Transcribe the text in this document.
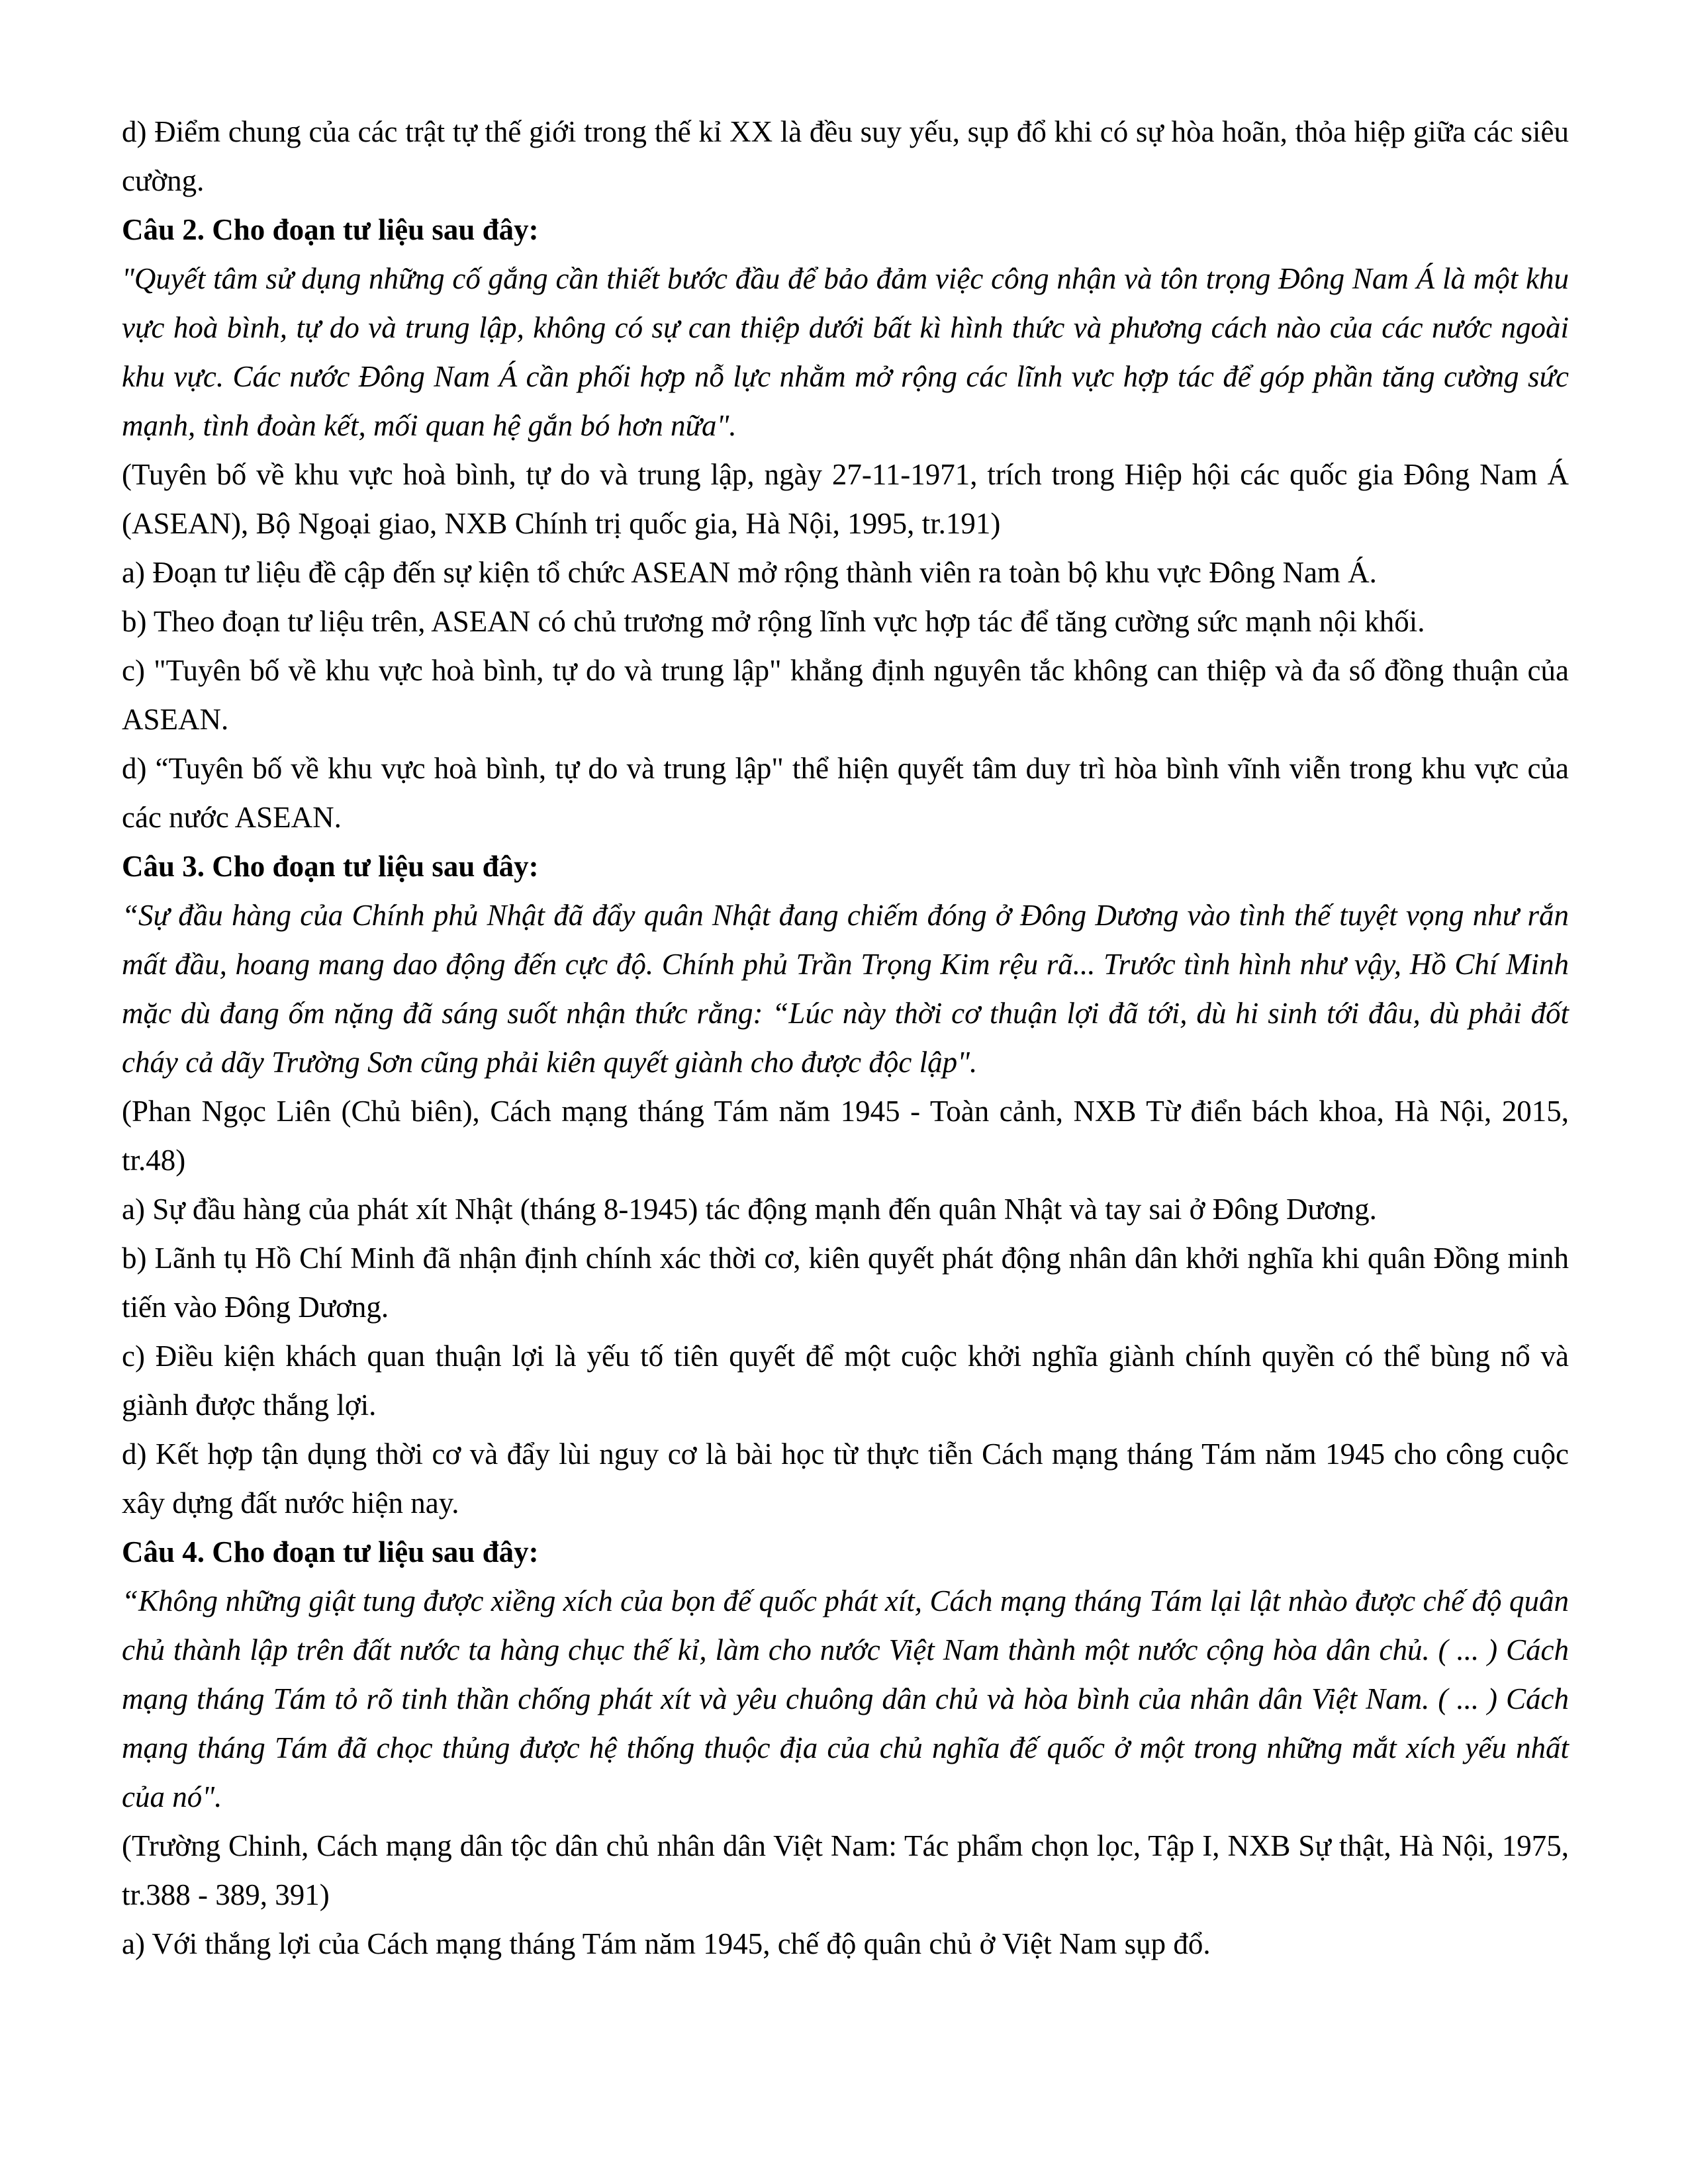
d) Điểm chung của các trật tự thế giới trong thế kỉ XX là đều suy yếu, sụp đổ khi có sự hòa hoãn, thỏa hiệp giữa các siêu cường.

Câu 2. Cho đoạn tư liệu sau đây:

"Quyết tâm sử dụng những cố gắng cần thiết bước đầu để bảo đảm việc công nhận và tôn trọng Đông Nam Á là một khu vực hoà bình, tự do và trung lập, không có sự can thiệp dưới bất kì hình thức và phương cách nào của các nước ngoài khu vực. Các nước Đông Nam Á cần phối hợp nỗ lực nhằm mở rộng các lĩnh vực hợp tác để góp phần tăng cường sức mạnh, tình đoàn kết, mối quan hệ gắn bó hơn nữa".

(Tuyên bố về khu vực hoà bình, tự do và trung lập, ngày 27-11-1971, trích trong Hiệp hội các quốc gia Đông Nam Á (ASEAN), Bộ Ngoại giao, NXB Chính trị quốc gia, Hà Nội, 1995, tr.191)

a) Đoạn tư liệu đề cập đến sự kiện tổ chức ASEAN mở rộng thành viên ra toàn bộ khu vực Đông Nam Á.

b) Theo đoạn tư liệu trên, ASEAN có chủ trương mở rộng lĩnh vực hợp tác để tăng cường sức mạnh nội khối.

c) "Tuyên bố về khu vực hoà bình, tự do và trung lập" khẳng định nguyên tắc không can thiệp và đa số đồng thuận của ASEAN.

d) “Tuyên bố về khu vực hoà bình, tự do và trung lập" thể hiện quyết tâm duy trì hòa bình vĩnh viễn trong khu vực của các nước ASEAN.

Câu 3. Cho đoạn tư liệu sau đây:

“Sự đầu hàng của Chính phủ Nhật đã đẩy quân Nhật đang chiếm đóng ở Đông Dương vào tình thế tuyệt vọng như rắn mất đầu, hoang mang dao động đến cực độ. Chính phủ Trần Trọng Kim rệu rã... Trước tình hình như vậy, Hồ Chí Minh mặc dù đang ốm nặng đã sáng suốt nhận thức rằng: “Lúc này thời cơ thuận lợi đã tới, dù hi sinh tới đâu, dù phải đốt cháy cả dãy Trường Sơn cũng phải kiên quyết giành cho được độc lập".

(Phan Ngọc Liên (Chủ biên), Cách mạng tháng Tám năm 1945 - Toàn cảnh, NXB Từ điển bách khoa, Hà Nội, 2015, tr.48)

a) Sự đầu hàng của phát xít Nhật (tháng 8-1945) tác động mạnh đến quân Nhật và tay sai ở Đông Dương.

b) Lãnh tụ Hồ Chí Minh đã nhận định chính xác thời cơ, kiên quyết phát động nhân dân khởi nghĩa khi quân Đồng minh tiến vào Đông Dương.

c) Điều kiện khách quan thuận lợi là yếu tố tiên quyết để một cuộc khởi nghĩa giành chính quyền có thể bùng nổ và giành được thắng lợi.

d) Kết hợp tận dụng thời cơ và đẩy lùi nguy cơ là bài học từ thực tiễn Cách mạng tháng Tám năm 1945 cho công cuộc xây dựng đất nước hiện nay.

Câu 4. Cho đoạn tư liệu sau đây:

“Không những giật tung được xiềng xích của bọn đế quốc phát xít, Cách mạng tháng Tám lại lật nhào được chế độ quân chủ thành lập trên đất nước ta hàng chục thế kỉ, làm cho nước Việt Nam thành một nước cộng hòa dân chủ. ( ... ) Cách mạng tháng Tám tỏ rõ tinh thần chống phát xít và yêu chuông dân chủ và hòa bình của nhân dân Việt Nam. ( ... ) Cách mạng tháng Tám đã chọc thủng được hệ thống thuộc địa của chủ nghĩa đế quốc ở một trong những mắt xích yếu nhất của nó".

(Trường Chinh, Cách mạng dân tộc dân chủ nhân dân Việt Nam: Tác phẩm chọn lọc, Tập I, NXB Sự thật, Hà Nội, 1975, tr.388 - 389, 391)

a) Với thắng lợi của Cách mạng tháng Tám năm 1945, chế độ quân chủ ở Việt Nam sụp đổ.
